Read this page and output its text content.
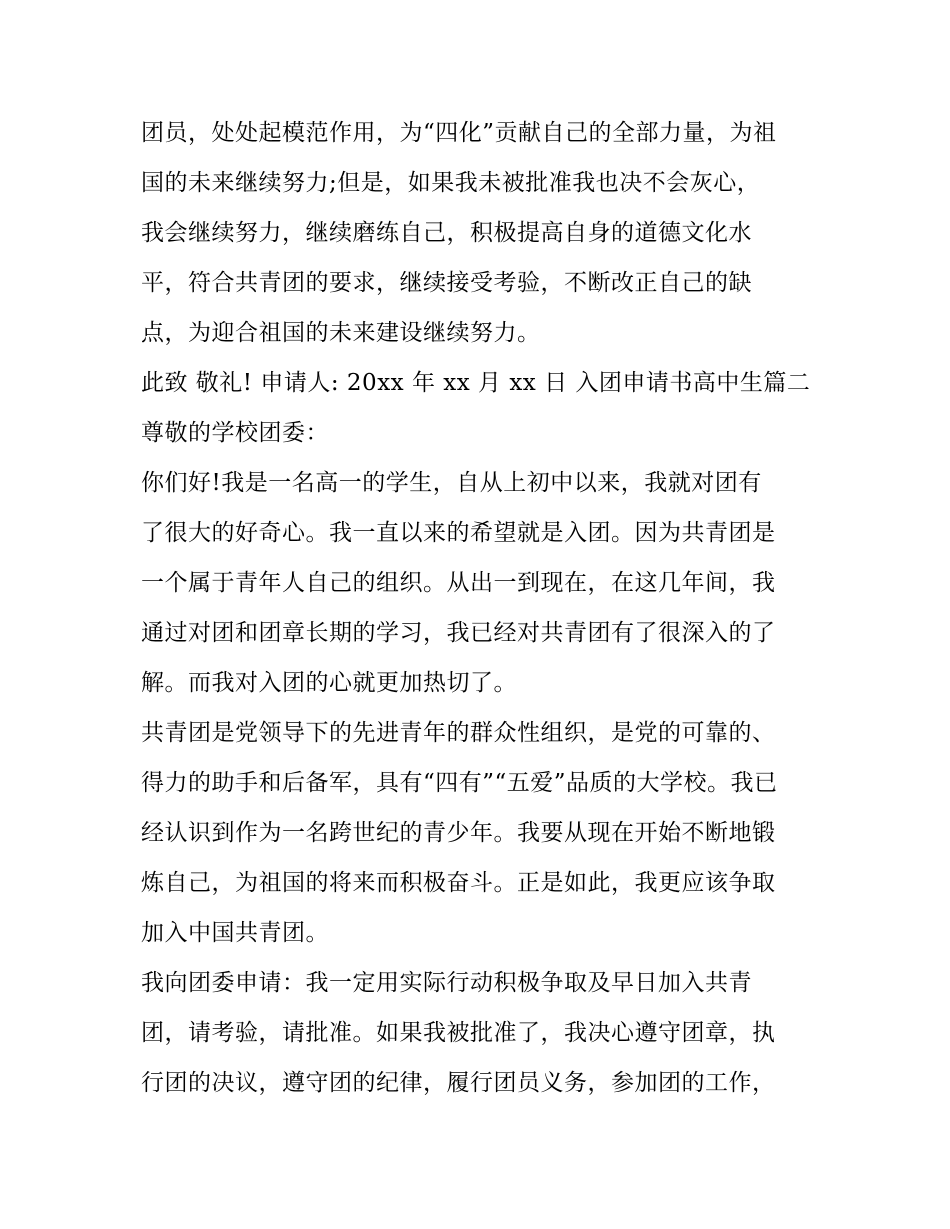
团员，处处起模范作用，为“四化”贡献自己的全部力量，为祖
国的未来继续努力;但是，如果我未被批准我也决不会灰心，
我会继续努力，继续磨练自己，积极提高自身的道德文化水
平，符合共青团的要求，继续接受考验，不断改正自己的缺
点，为迎合祖国的未来建设继续努力。
此致 敬礼! 申请人: 20xx 年 xx 月 xx 日 入团申请书高中生篇二
尊敬的学校团委：
你们好!我是一名高一的学生，自从上初中以来，我就对团有
了很大的好奇心。我一直以来的希望就是入团。因为共青团是
一个属于青年人自己的组织。从出一到现在，在这几年间，我
通过对团和团章长期的学习，我已经对共青团有了很深入的了
解。而我对入团的心就更加热切了。
共青团是党领导下的先进青年的群众性组织，是党的可靠的、
得力的助手和后备军，具有“四有”“五爱”品质的大学校。我已
经认识到作为一名跨世纪的青少年。我要从现在开始不断地锻
炼自己，为祖国的将来而积极奋斗。正是如此，我更应该争取
加入中国共青团。
我向团委申请：我一定用实际行动积极争取及早日加入共青
团，请考验，请批准。如果我被批准了，我决心遵守团章，执
行团的决议，遵守团的纪律，履行团员义务，参加团的工作，
